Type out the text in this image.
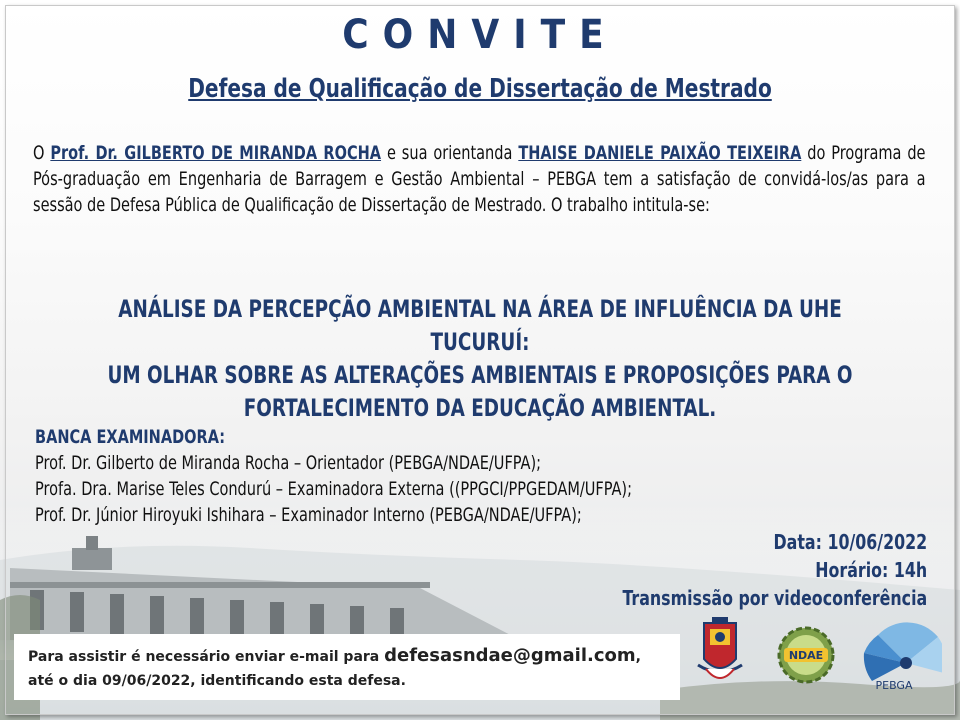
CONVITE
Defesa de Qualificação de Dissertação de Mestrado
O Prof. Dr. GILBERTO DE MIRANDA ROCHA e sua orientanda THAISE DANIELE PAIXÃO TEIXEIRA do Programa de Pós-graduação em Engenharia de Barragem e Gestão Ambiental – PEBGA tem a satisfação de convidá-los/as para a sessão de Defesa Pública de Qualificação de Dissertação de Mestrado. O trabalho intitula-se:
ANÁLISE DA PERCEPÇÃO AMBIENTAL NA ÁREA DE INFLUÊNCIA DA UHE TUCURUÍ:
UM OLHAR SOBRE AS ALTERAÇÕES AMBIENTAIS E PROPOSIÇÕES PARA O
FORTALECIMENTO DA EDUCAÇÃO AMBIENTAL.
BANCA EXAMINADORA:
Prof. Dr. Gilberto de Miranda Rocha – Orientador (PEBGA/NDAE/UFPA);
Profa. Dra. Marise Teles Condurú – Examinadora Externa ((PPGCI/PPGEDAM/UFPA);
Prof. Dr. Júnior Hiroyuki Ishihara – Examinador Interno (PEBGA/NDAE/UFPA);
Data: 10/06/2022
Horário: 14h
Transmissão por videoconferência
Para assistir é necessário enviar e-mail para defesasndae@gmail.com,
até o dia 09/06/2022, identificando esta defesa.
NDAE
PEBGA
